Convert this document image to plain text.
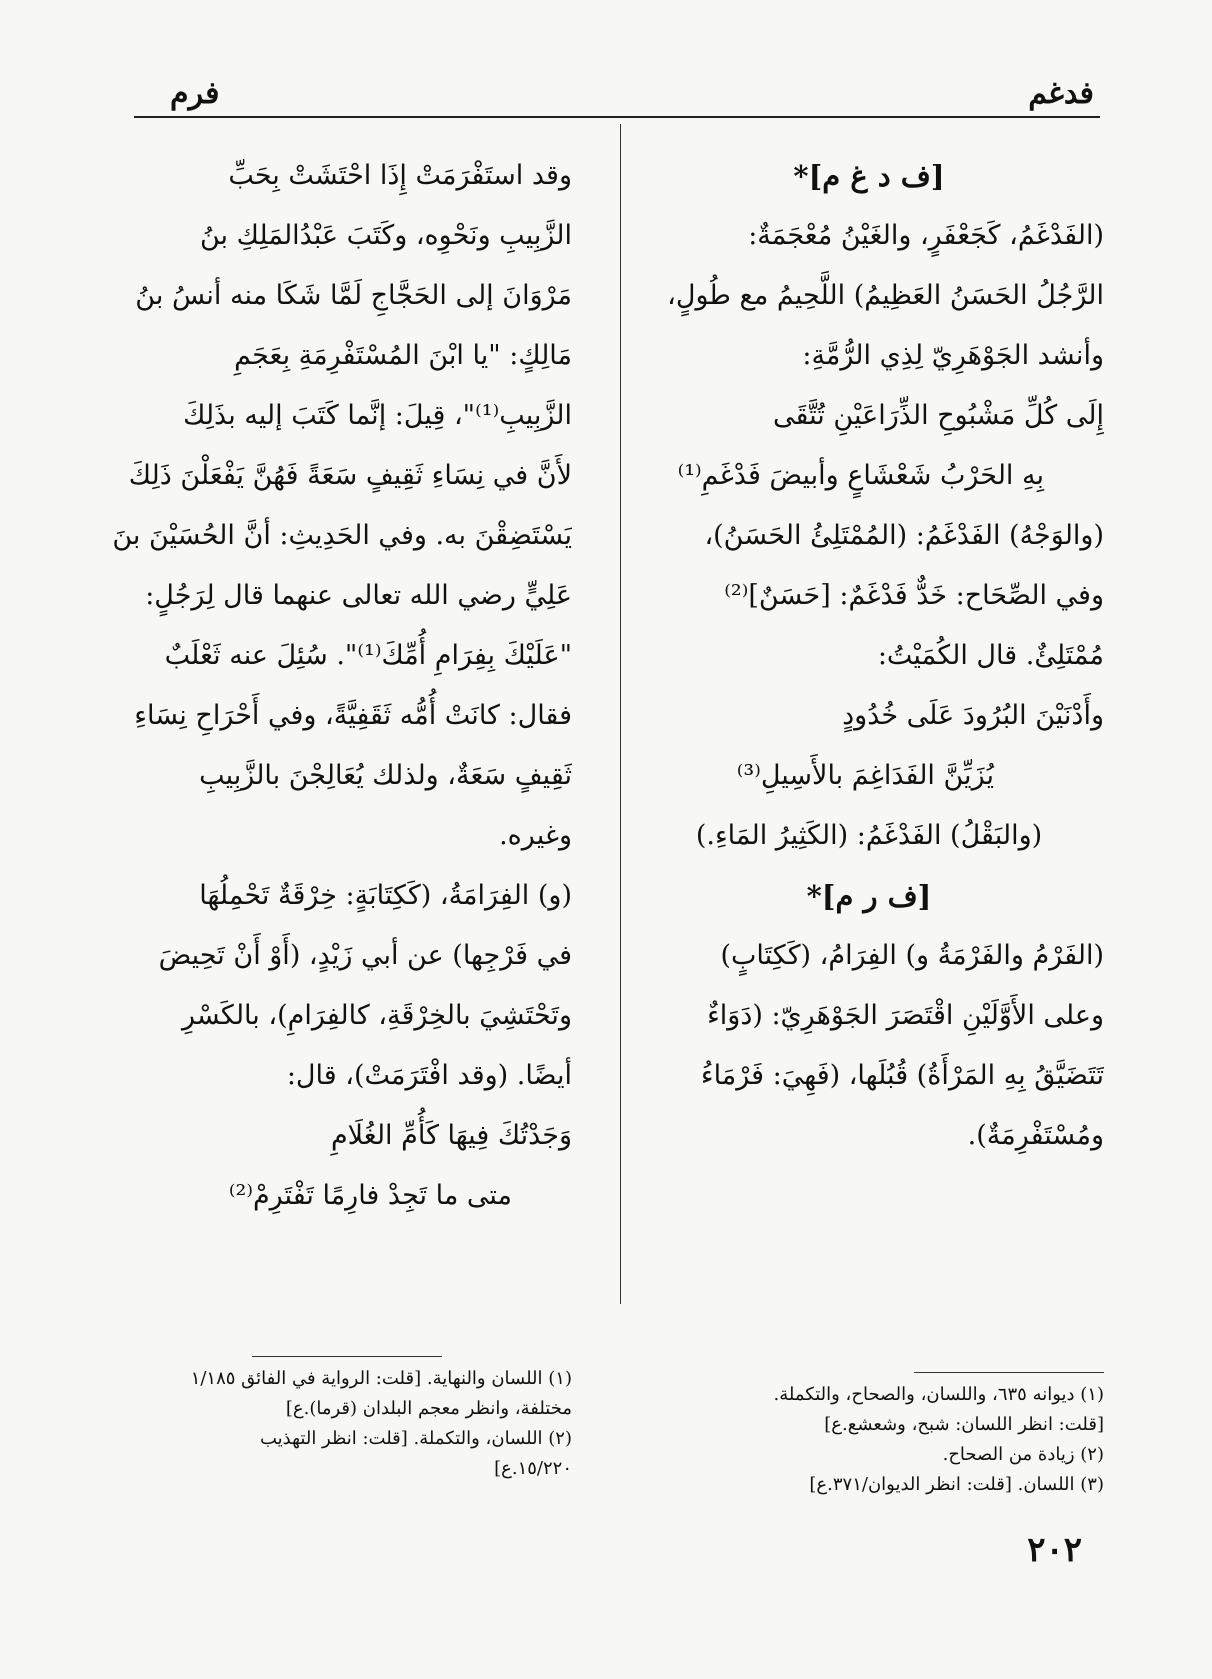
فدغم
فرم
[ف د غ م]*
(الفَدْغَمُ، كَجَعْفَرٍ، والغَيْنُ مُعْجَمَةٌ:
الرَّجُلُ الحَسَنُ العَظِيمُ) اللَّحِيمُ مع طُولٍ،
وأنشد الجَوْهَرِيّ لِذِي الرُّمَّةِ:
إِلَى كُلِّ مَشْبُوحِ الذِّرَاعَيْنِ تُتَّقَى
بِهِ الحَرْبُ شَعْشَاعٍ وأبيضَ فَدْغَمِ⁽¹⁾
(والوَجْهُ) الفَدْغَمُ: (المُمْتَلِئُ الحَسَنُ)،
وفي الصِّحَاح: خَدٌّ فَدْغَمٌ: [حَسَنٌ]⁽²⁾
مُمْتَلِئٌ. قال الكُمَيْتُ:
وأَدْنَيْنَ البُرُودَ عَلَى خُدُودٍ
يُزَيِّنَّ الفَدَاغِمَ بالأَسِيلِ⁽³⁾
(والبَقْلُ) الفَدْغَمُ: (الكَثِيرُ المَاءِ.)
[ف ر م]*
(الفَرْمُ والفَرْمَةُ و) الفِرَامُ، (كَكِتَابٍ)
وعلى الأَوَّلَيْنِ اقْتَصَرَ الجَوْهَرِيّ: (دَوَاءٌ
تَتَضَيَّقُ بِهِ المَرْأَةُ) قُبُلَها، (فَهِيَ: فَرْمَاءُ
ومُسْتَفْرِمَةٌ).
وقد استَفْرَمَتْ إِذَا احْتَشَتْ بِحَبِّ
الزَّبِيبِ ونَحْوِه، وكَتَبَ عَبْدُالمَلِكِ بنُ
مَرْوَانَ إلى الحَجَّاجِ لَمَّا شَكَا منه أنسُ بنُ
مَالِكٍ: "يا ابْنَ المُسْتَفْرِمَةِ بِعَجَمِ
الزَّبِيبِ⁽¹⁾"، قِيلَ: إنَّما كَتَبَ إليه بذَلِكَ
لأَنَّ في نِسَاءِ ثَقِيفٍ سَعَةً فَهُنَّ يَفْعَلْنَ ذَلِكَ
يَسْتَضِقْنَ به. وفي الحَدِيثِ: أنَّ الحُسَيْنَ بنَ
عَلِيٍّ رضي الله تعالى عنهما قال لِرَجُلٍ:
"عَلَيْكَ بِفِرَامِ أُمِّكَ⁽¹⁾". سُئِلَ عنه ثَعْلَبٌ
فقال: كانَتْ أُمُّه ثَقَفِيَّةً، وفي أَحْرَاحِ نِسَاءِ
ثَقِيفٍ سَعَةٌ، ولذلك يُعَالِجْنَ بالزَّبِيبِ
وغيره.
(و) الفِرَامَةُ، (كَكِتَابَةٍ: خِرْقَةٌ تَحْمِلُهَا
في فَرْجِها) عن أبي زَيْدٍ، (أَوْ أَنْ تَحِيضَ
وتَحْتَشِيَ بالخِرْقَةِ، كالفِرَامِ)، بالكَسْرِ
أيضًا. (وقد افْتَرَمَتْ)، قال:
وَجَدْتُكَ فِيهَا كَأُمِّ الغُلَامِ
متى ما تَجِدْ فارِمًا تَفْتَرِمْ⁽²⁾
(١) ديوانه ٦٣٥، واللسان، والصحاح، والتكملة.
[قلت: انظر اللسان: شبح، وشعشع.ع]
(٢) زيادة من الصحاح.
(٣) اللسان. [قلت: انظر الديوان/٣٧١.ع]
(١) اللسان والنهاية. [قلت: الرواية في الفائق ١/١٨٥
مختلفة، وانظر معجم البلدان (قرما).ع]
(٢) اللسان، والتكملة. [قلت: انظر التهذيب
١٥/٢٢٠.ع]
٢٠٢
